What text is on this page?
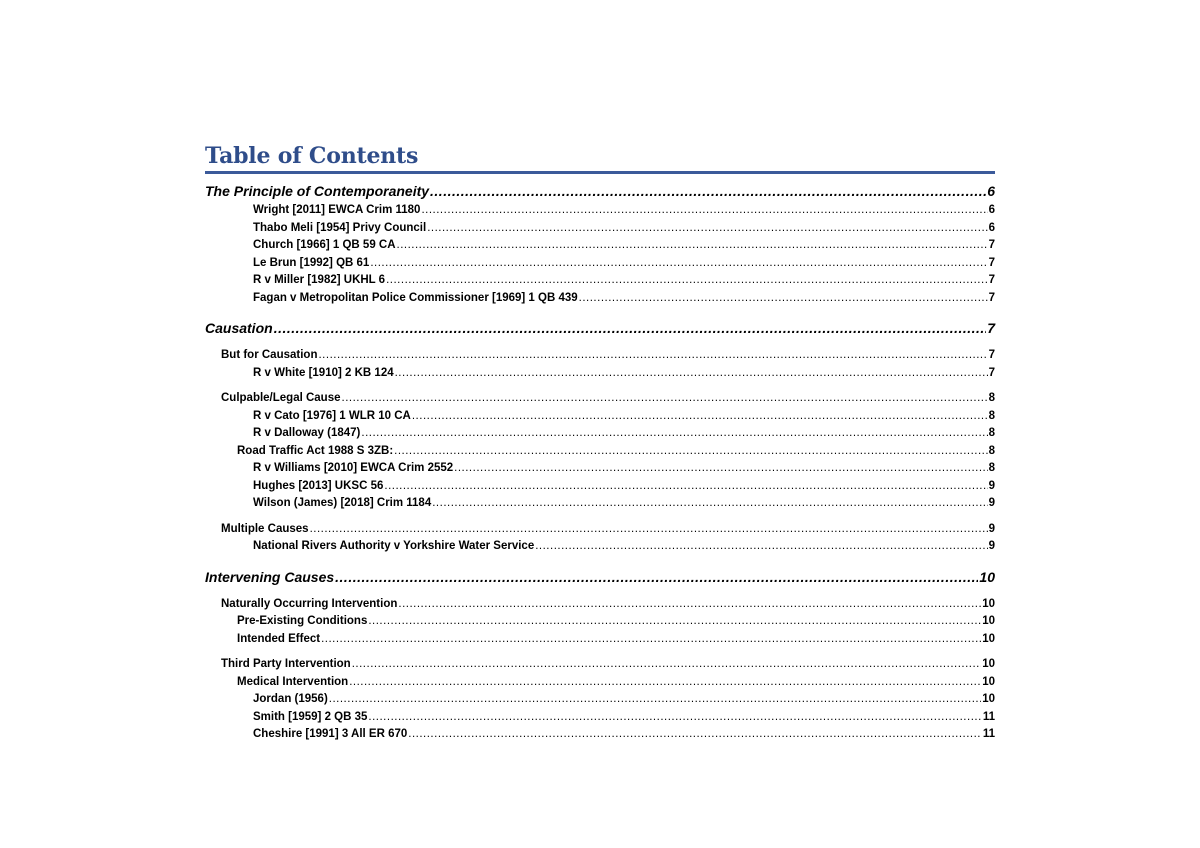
Table of Contents
The Principle of Contemporaneity .....	6
Wright [2011] EWCA Crim 1180 .....	6
Thabo Meli [1954] Privy Council .....	6
Church [1966] 1 QB 59 CA .....	7
Le Brun [1992] QB 61 .....	7
R v Miller [1982] UKHL 6 .....	7
Fagan v Metropolitan Police Commissioner [1969] 1 QB 439 .....	7
Causation .....	7
But for Causation .....	7
R v White [1910] 2 KB 124 .....	7
Culpable/Legal Cause .....	8
R v Cato [1976] 1 WLR 10 CA .....	8
R v Dalloway (1847) .....	8
Road Traffic Act 1988 S 3ZB: .....	8
R v Williams [2010] EWCA Crim 2552 .....	8
Hughes [2013] UKSC 56 .....	9
Wilson (James) [2018] Crim 1184 .....	9
Multiple Causes .....	9
National Rivers Authority v Yorkshire Water Service .....	9
Intervening Causes .....	10
Naturally Occurring Intervention .....	10
Pre-Existing Conditions .....	10
Intended Effect .....	10
Third Party Intervention .....	10
Medical Intervention .....	10
Jordan (1956) .....	10
Smith [1959] 2 QB 35 .....	11
Cheshire [1991] 3 All ER 670 .....	11
